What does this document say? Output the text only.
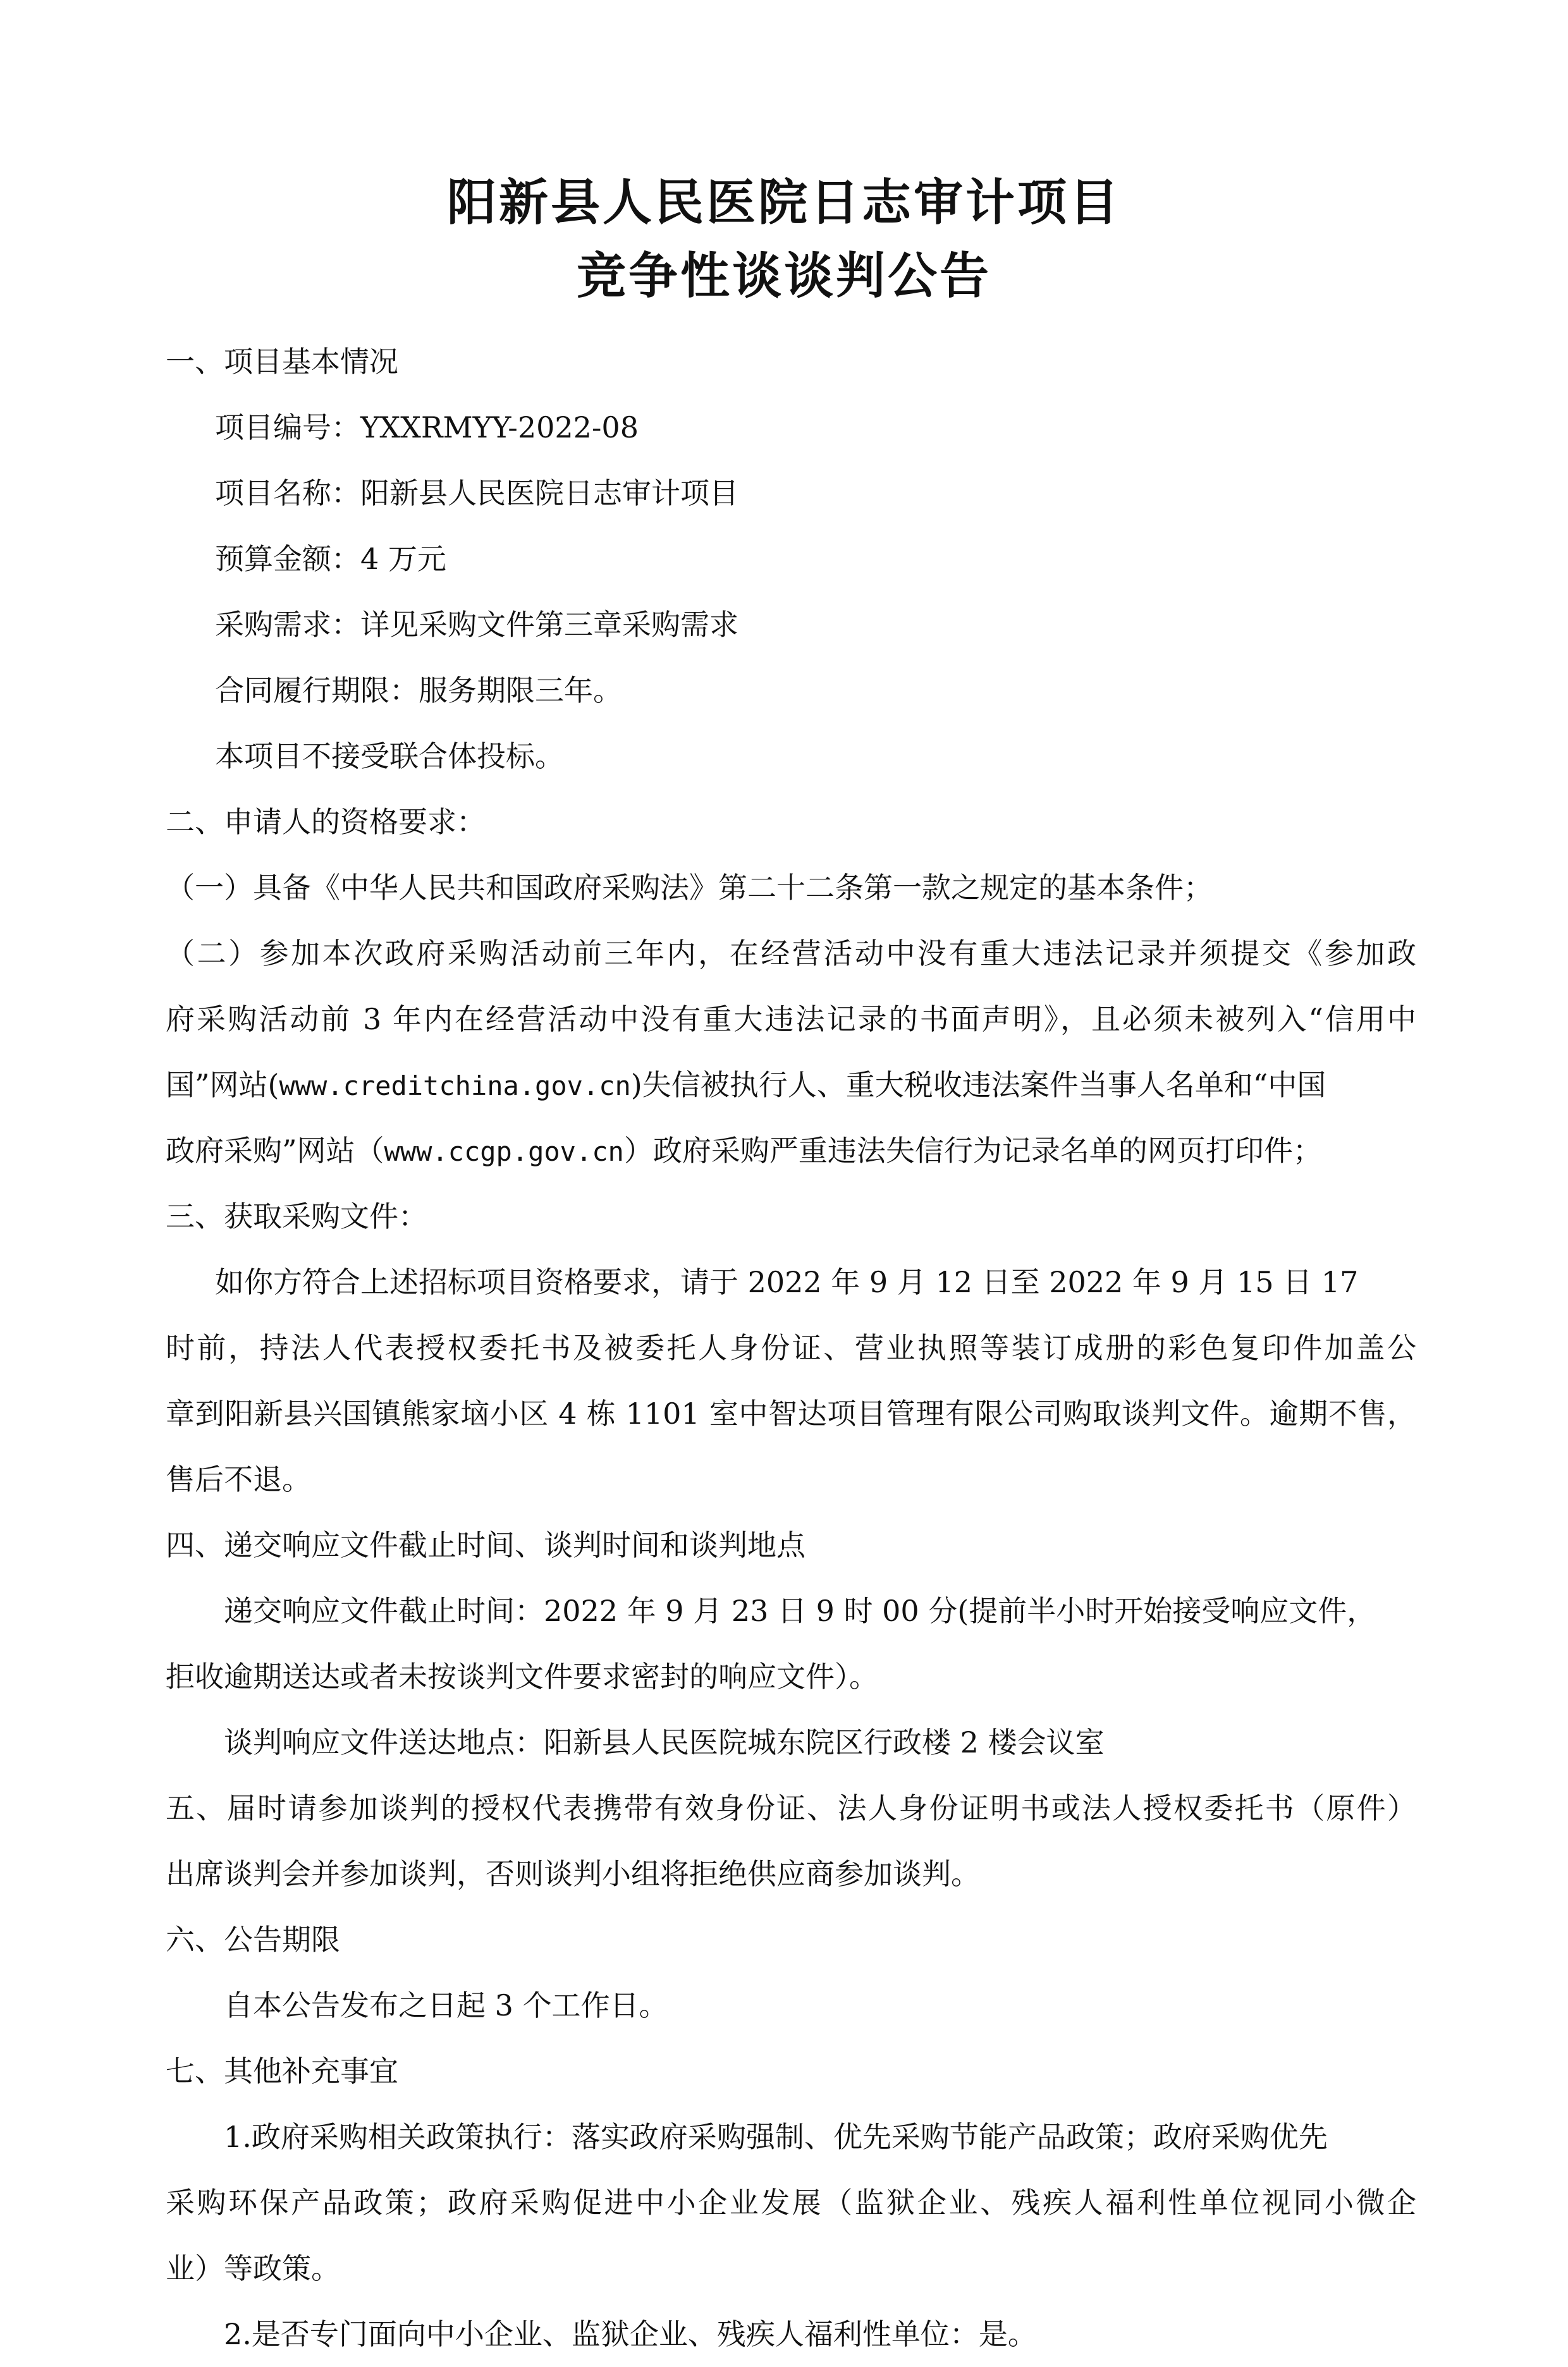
阳新县人民医院日志审计项目
竞争性谈谈判公告
一、项目基本情况
项目编号：YXXRMYY-2022-08
项目名称：阳新县人民医院日志审计项目
预算金额：4 万元
采购需求：详见采购文件第三章采购需求
合同履行期限：服务期限三年。
本项目不接受联合体投标。
二、申请人的资格要求：
（一）具备《中华人民共和国政府采购法》第二十二条第一款之规定的基本条件；
（二）参加本次政府采购活动前三年内，在经营活动中没有重大违法记录并须提交《参加政
府采购活动前 3 年内在经营活动中没有重大违法记录的书面声明》，且必须未被列入“信用中
国”网站(www.creditchina.gov.cn)失信被执行人、重大税收违法案件当事人名单和“中国
政府采购”网站（www.ccgp.gov.cn）政府采购严重违法失信行为记录名单的网页打印件；
三、获取采购文件：
如你方符合上述招标项目资格要求，请于 2022 年 9 月 12 日至 2022 年 9 月 15 日 17
时前，持法人代表授权委托书及被委托人身份证、营业执照等装订成册的彩色复印件加盖公
章到阳新县兴国镇熊家垴小区 4 栋 1101 室中智达项目管理有限公司购取谈判文件。逾期不售，
售后不退。
四、递交响应文件截止时间、谈判时间和谈判地点
递交响应文件截止时间：2022 年 9 月 23 日 9 时 00 分(提前半小时开始接受响应文件，
拒收逾期送达或者未按谈判文件要求密封的响应文件）。
谈判响应文件送达地点：阳新县人民医院城东院区行政楼 2 楼会议室
五、届时请参加谈判的授权代表携带有效身份证、法人身份证明书或法人授权委托书（原件）
出席谈判会并参加谈判，否则谈判小组将拒绝供应商参加谈判。
六、公告期限
自本公告发布之日起 3 个工作日。
七、其他补充事宜
1.政府采购相关政策执行：落实政府采购强制、优先采购节能产品政策；政府采购优先
采购环保产品政策；政府采购促进中小企业发展（监狱企业、残疾人福利性单位视同小微企
业）等政策。
2.是否专门面向中小企业、监狱企业、残疾人福利性单位：是。
